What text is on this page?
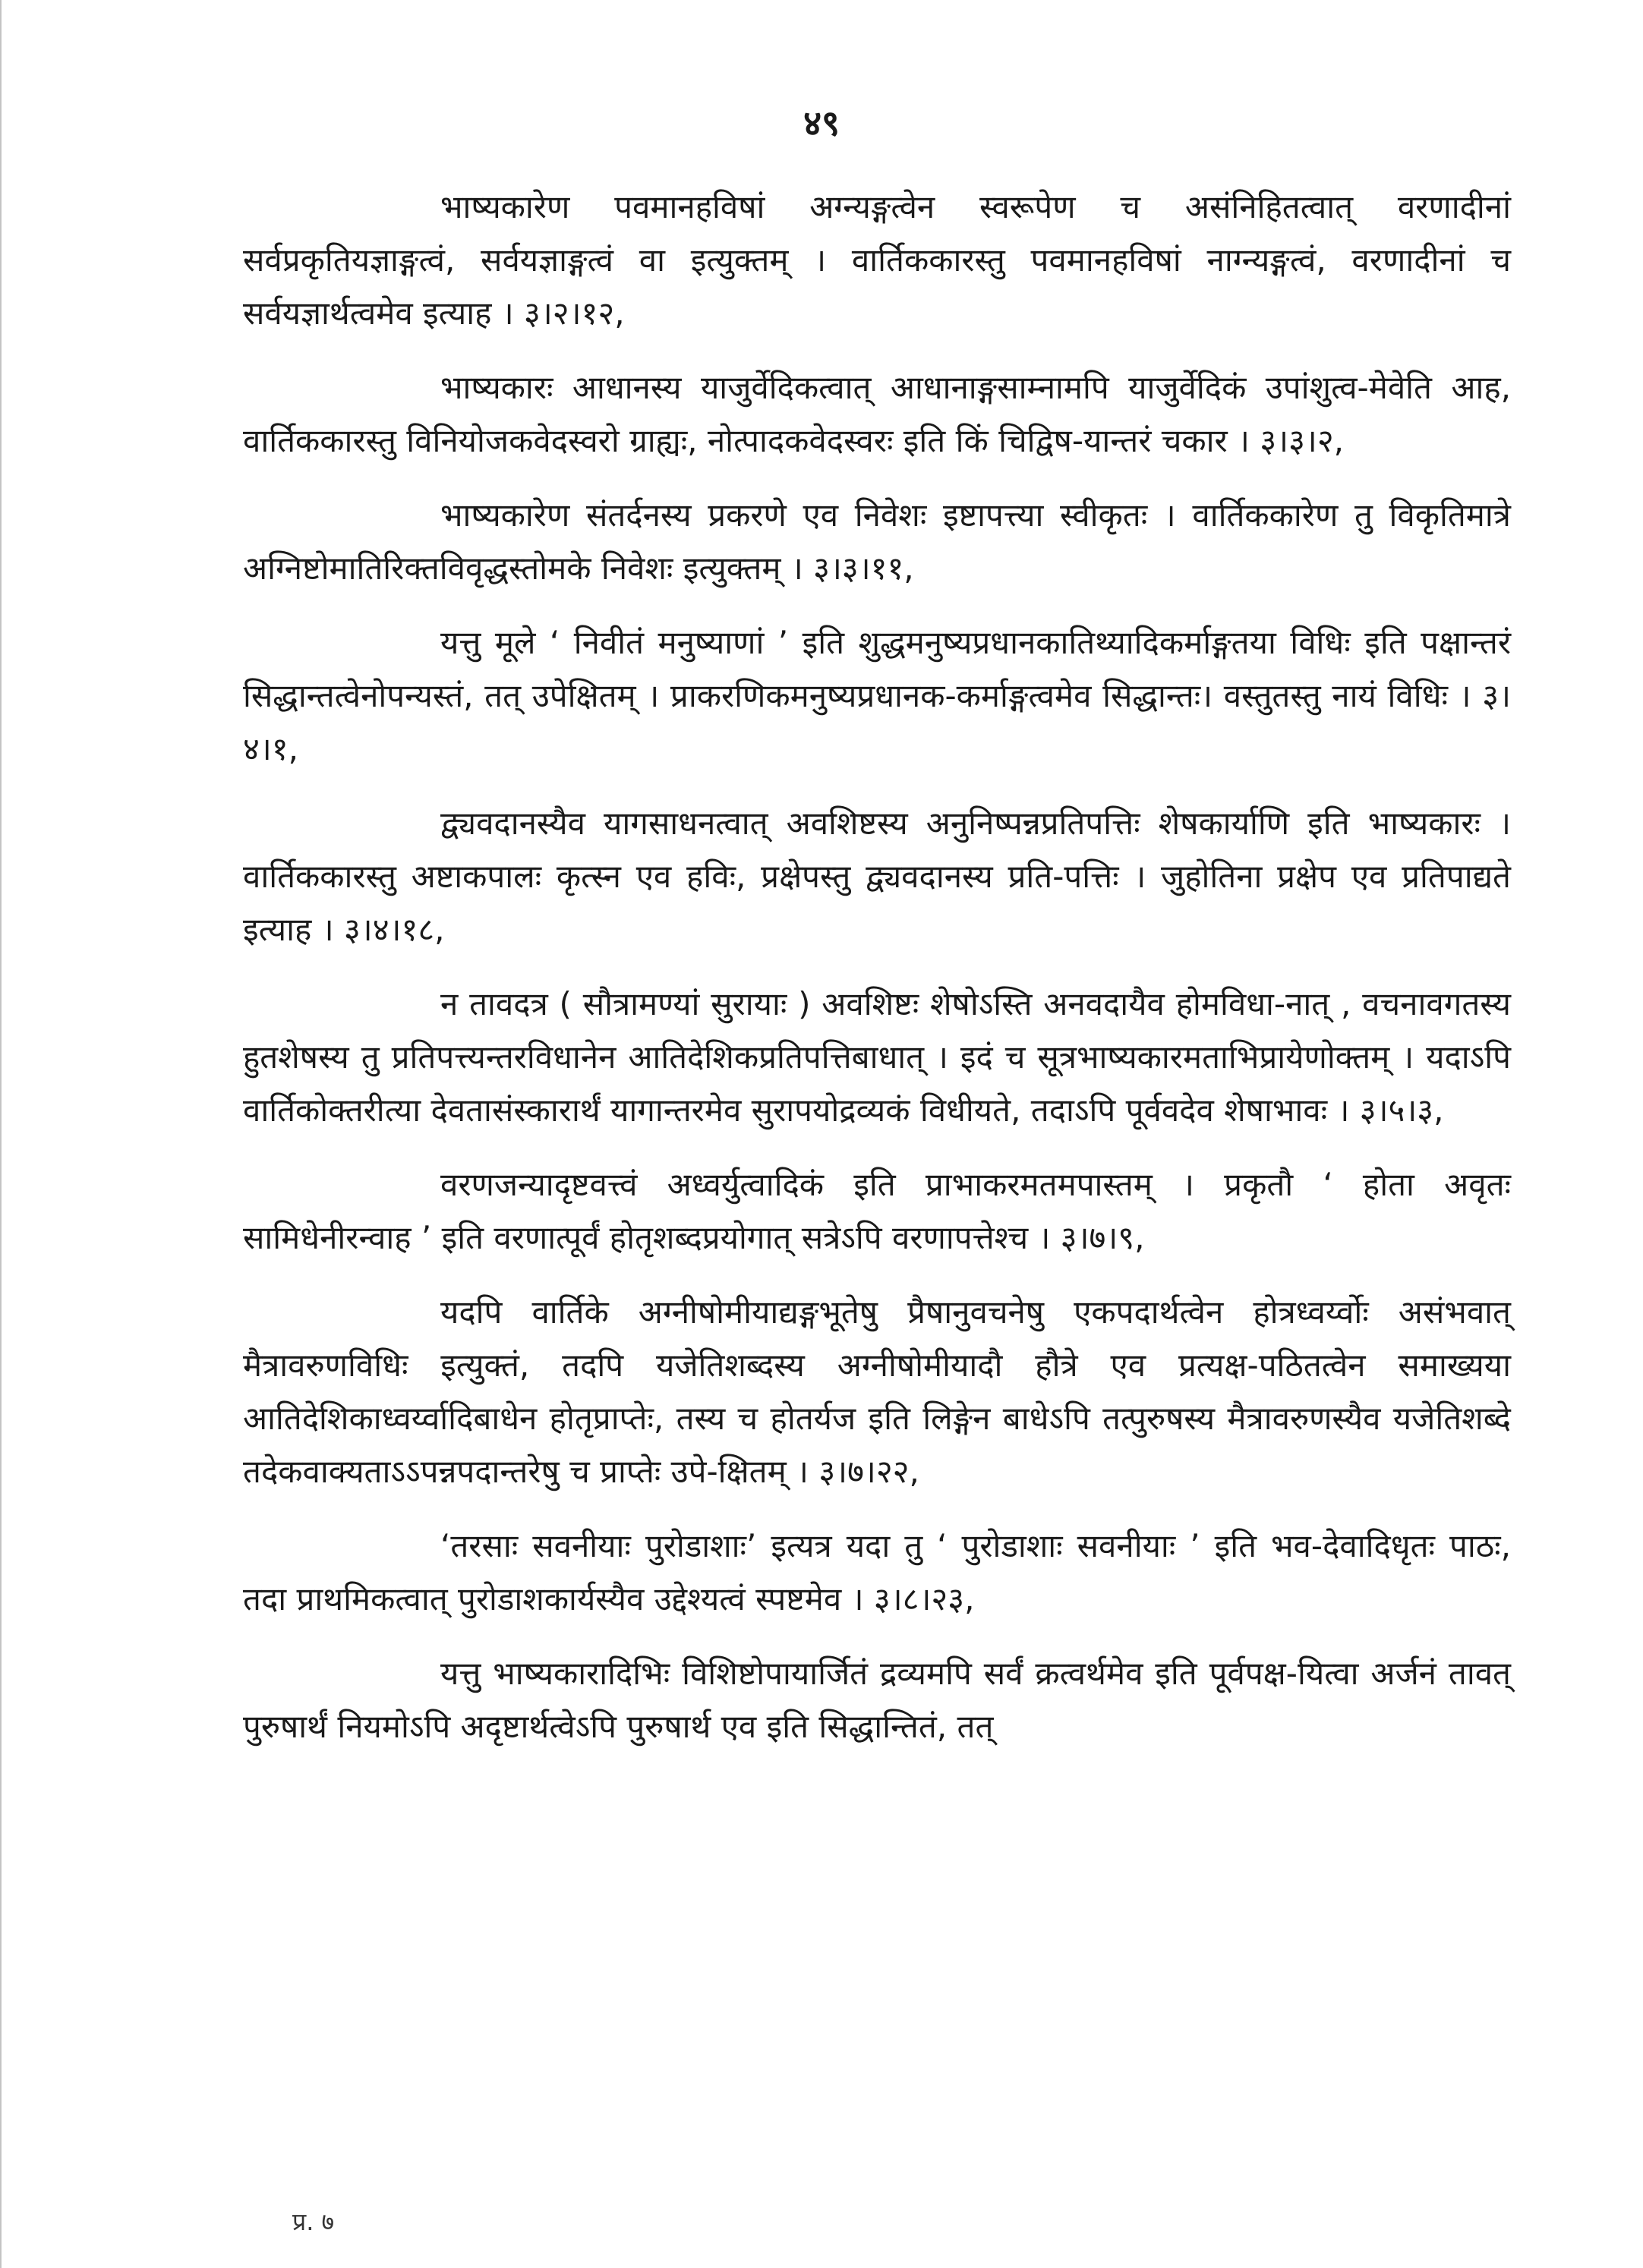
४९

भाष्यकारेण पवमानहविषां अग्न्यङ्गत्वेन स्वरूपेण च असंनिहितत्वात् वरणादीनां सर्वप्रकृतियज्ञाङ्गत्वं, सर्वयज्ञाङ्गत्वं वा इत्युक्तम् । वार्तिककारस्तु पवमानहविषां नाग्न्यङ्गत्वं, वरणादीनां च सर्वयज्ञार्थत्वमेव इत्याह । ३।२।१२,

भाष्यकारः आधानस्य याजुर्वेदिकत्वात् आधानाङ्गसाम्नामपि याजुर्वेदिकं उपांशुत्व-मेवेति आह, वार्तिककारस्तु विनियोजकवेदस्वरो ग्राह्यः, नोत्पादकवेदस्वरः इति किं चिद्विष-यान्तरं चकार । ३।३।२,

भाष्यकारेण संतर्दनस्य प्रकरणे एव निवेशः इष्टापत्त्या स्वीकृतः । वार्तिककारेण तु विकृतिमात्रे अग्निष्टोमातिरिक्तविवृद्धस्तोमके निवेशः इत्युक्तम् । ३।३।११,

यत्तु मूले ‘ निवीतं मनुष्याणां ’ इति शुद्धमनुष्यप्रधानकातिथ्यादिकर्माङ्गतया विधिः इति पक्षान्तरं सिद्धान्तत्वेनोपन्यस्तं, तत् उपेक्षितम् । प्राकरणिकमनुष्यप्रधानक-कर्माङ्गत्वमेव सिद्धान्तः। वस्तुतस्तु नायं विधिः । ३।४।१,

द्व्यवदानस्यैव यागसाधनत्वात् अवशिष्टस्य अनुनिष्पन्नप्रतिपत्तिः शेषकार्याणि इति भाष्यकारः । वार्तिककारस्तु अष्टाकपालः कृत्स्न एव हविः, प्रक्षेपस्तु द्व्यवदानस्य प्रति-पत्तिः । जुहोतिना प्रक्षेप एव प्रतिपाद्यते इत्याह । ३।४।१८,

न तावदत्र ( सौत्रामण्यां सुरायाः ) अवशिष्टः शेषोऽस्ति अनवदायैव होमविधा-नात् , वचनावगतस्य हुतशेषस्य तु प्रतिपत्त्यन्तरविधानेन आतिदेशिकप्रतिपत्तिबाधात् । इदं च सूत्रभाष्यकारमताभिप्रायेणोक्तम् । यदाऽपि वार्तिकोक्तरीत्या देवतासंस्कारार्थं यागान्तरमेव सुरापयोद्रव्यकं विधीयते, तदाऽपि पूर्ववदेव शेषाभावः । ३।५।३,

वरणजन्यादृष्टवत्त्वं अध्वर्युत्वादिकं इति प्राभाकरमतमपास्तम् । प्रकृतौ ‘ होता अवृतः सामिधेनीरन्वाह ’ इति वरणात्पूर्वं होतृशब्दप्रयोगात् सत्रेऽपि वरणापत्तेश्च । ३।७।९,

यदपि वार्तिके अग्नीषोमीयाद्यङ्गभूतेषु प्रैषानुवचनेषु एकपदार्थत्वेन होत्रध्वर्य्वोः असंभवात् मैत्रावरुणविधिः इत्युक्तं, तदपि यजेतिशब्दस्य अग्नीषोमीयादौ हौत्रे एव प्रत्यक्ष-पठितत्वेन समाख्यया आतिदेशिकाध्वर्य्वादिबाधेन होतृप्राप्तेः, तस्य च होतर्यज इति लिङ्गेन बाधेऽपि तत्पुरुषस्य मैत्रावरुणस्यैव यजेतिशब्दे तदेकवाक्यताऽऽपन्नपदान्तरेषु च प्राप्तेः उपे-क्षितम् । ३।७।२२,

‘तरसाः सवनीयाः पुरोडाशाः’ इत्यत्र यदा तु ‘ पुरोडाशाः सवनीयाः ’ इति भव-देवादिधृतः पाठः, तदा प्राथमिकत्वात् पुरोडाशकार्यस्यैव उद्देश्यत्वं स्पष्टमेव । ३।८।२३,

यत्तु भाष्यकारादिभिः विशिष्टोपायार्जितं द्रव्यमपि सर्वं क्रत्वर्थमेव इति पूर्वपक्ष-यित्वा अर्जनं तावत् पुरुषार्थं नियमोऽपि अदृष्टार्थत्वेऽपि पुरुषार्थ एव इति सिद्धान्तितं, तत्

प्र. ७
